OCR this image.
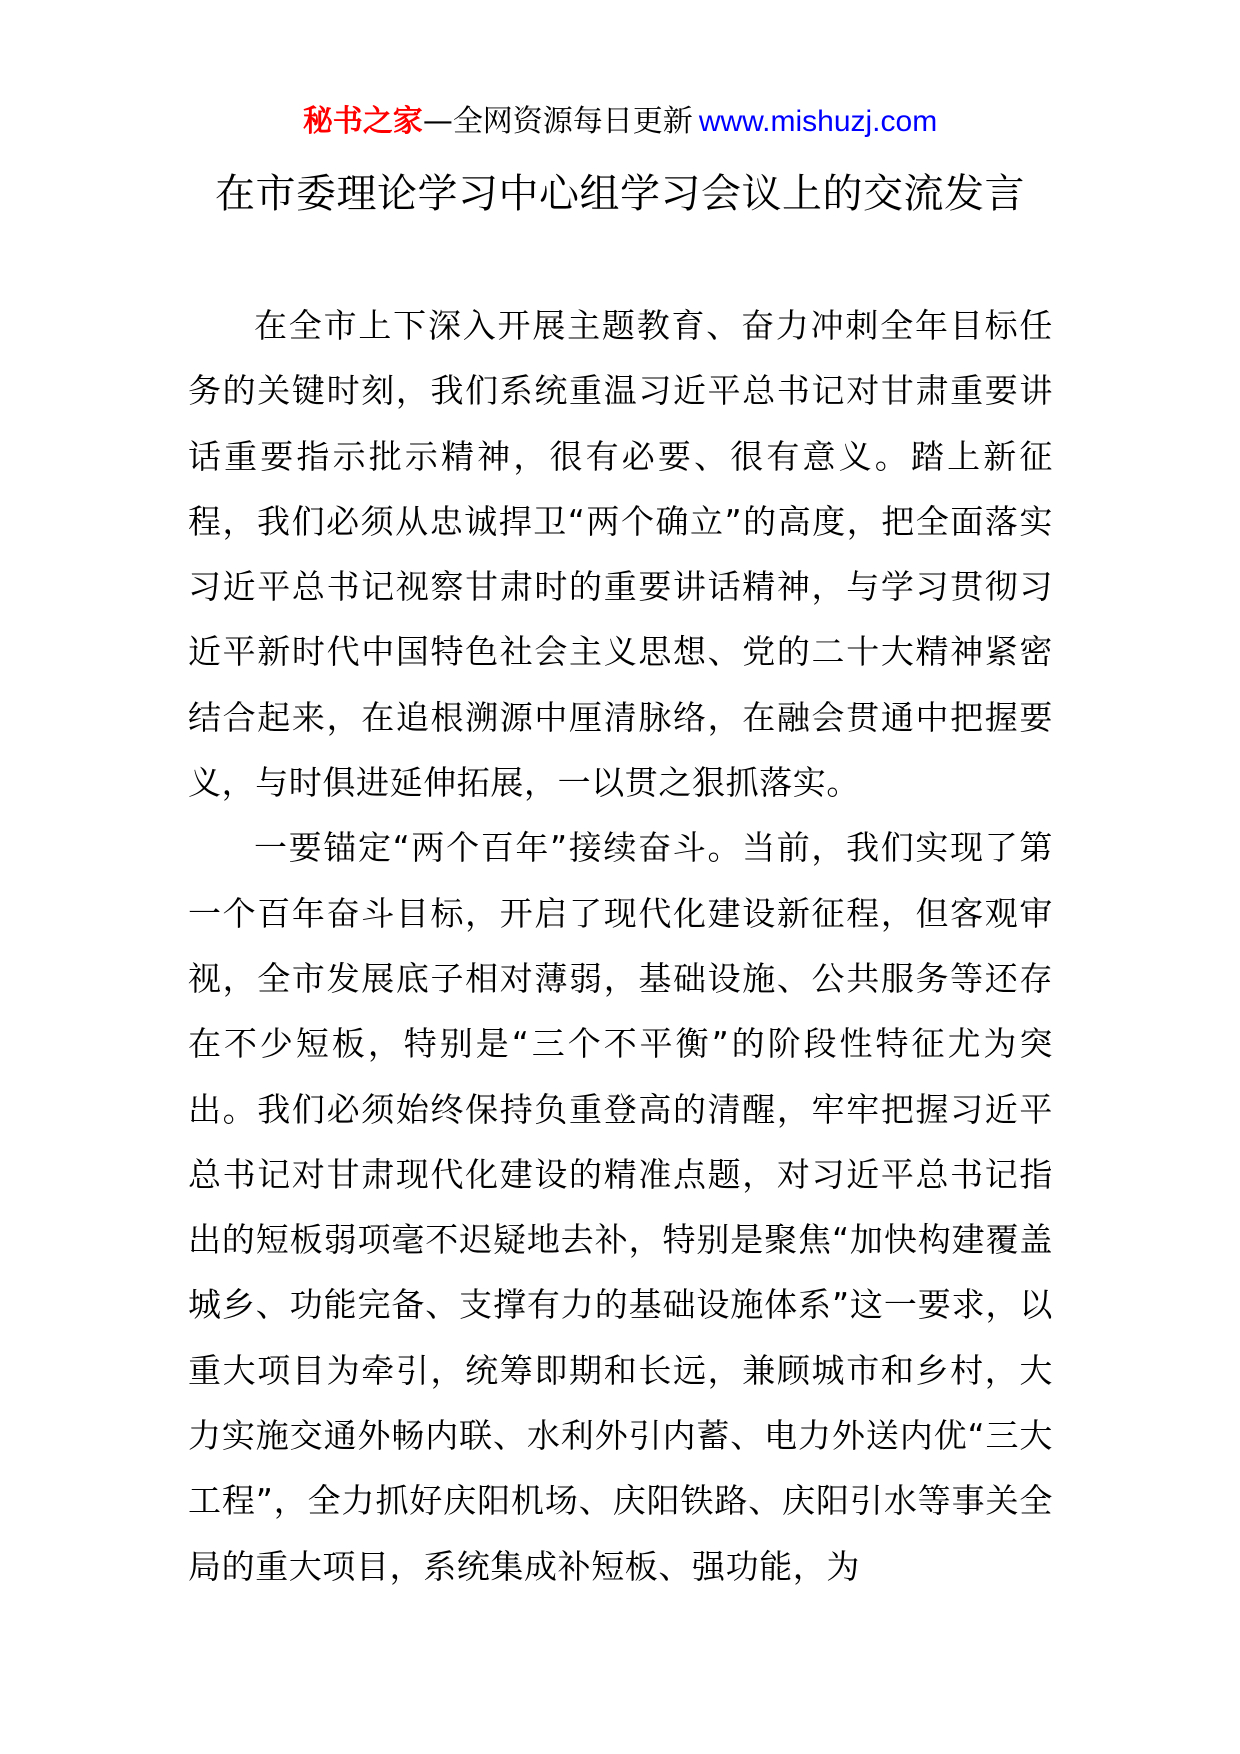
秘书之家—全网资源每日更新 www.mishuzj.com
在市委理论学习中心组学习会议上的交流发言

在全市上下深入开展主题教育、奋力冲刺全年目标任务的关键时刻，我们系统重温习近平总书记对甘肃重要讲话重要指示批示精神，很有必要、很有意义。踏上新征程，我们必须从忠诚捍卫“两个确立”的高度，把全面落实习近平总书记视察甘肃时的重要讲话精神，与学习贯彻习近平新时代中国特色社会主义思想、党的二十大精神紧密结合起来，在追根溯源中厘清脉络，在融会贯通中把握要义，与时俱进延伸拓展，一以贯之狠抓落实。

一要锚定“两个百年”接续奋斗。当前，我们实现了第一个百年奋斗目标，开启了现代化建设新征程，但客观审视，全市发展底子相对薄弱，基础设施、公共服务等还存在不少短板，特别是“三个不平衡”的阶段性特征尤为突出。我们必须始终保持负重登高的清醒，牢牢把握习近平总书记对甘肃现代化建设的精准点题，对习近平总书记指出的短板弱项毫不迟疑地去补，特别是聚焦“加快构建覆盖城乡、功能完备、支撑有力的基础设施体系”这一要求，以重大项目为牵引，统筹即期和长远，兼顾城市和乡村，大力实施交通外畅内联、水利外引内蓄、电力外送内优“三大工程”，全力抓好庆阳机场、庆阳铁路、庆阳引水等事关全局的重大项目，系统集成补短板、强功能，为
